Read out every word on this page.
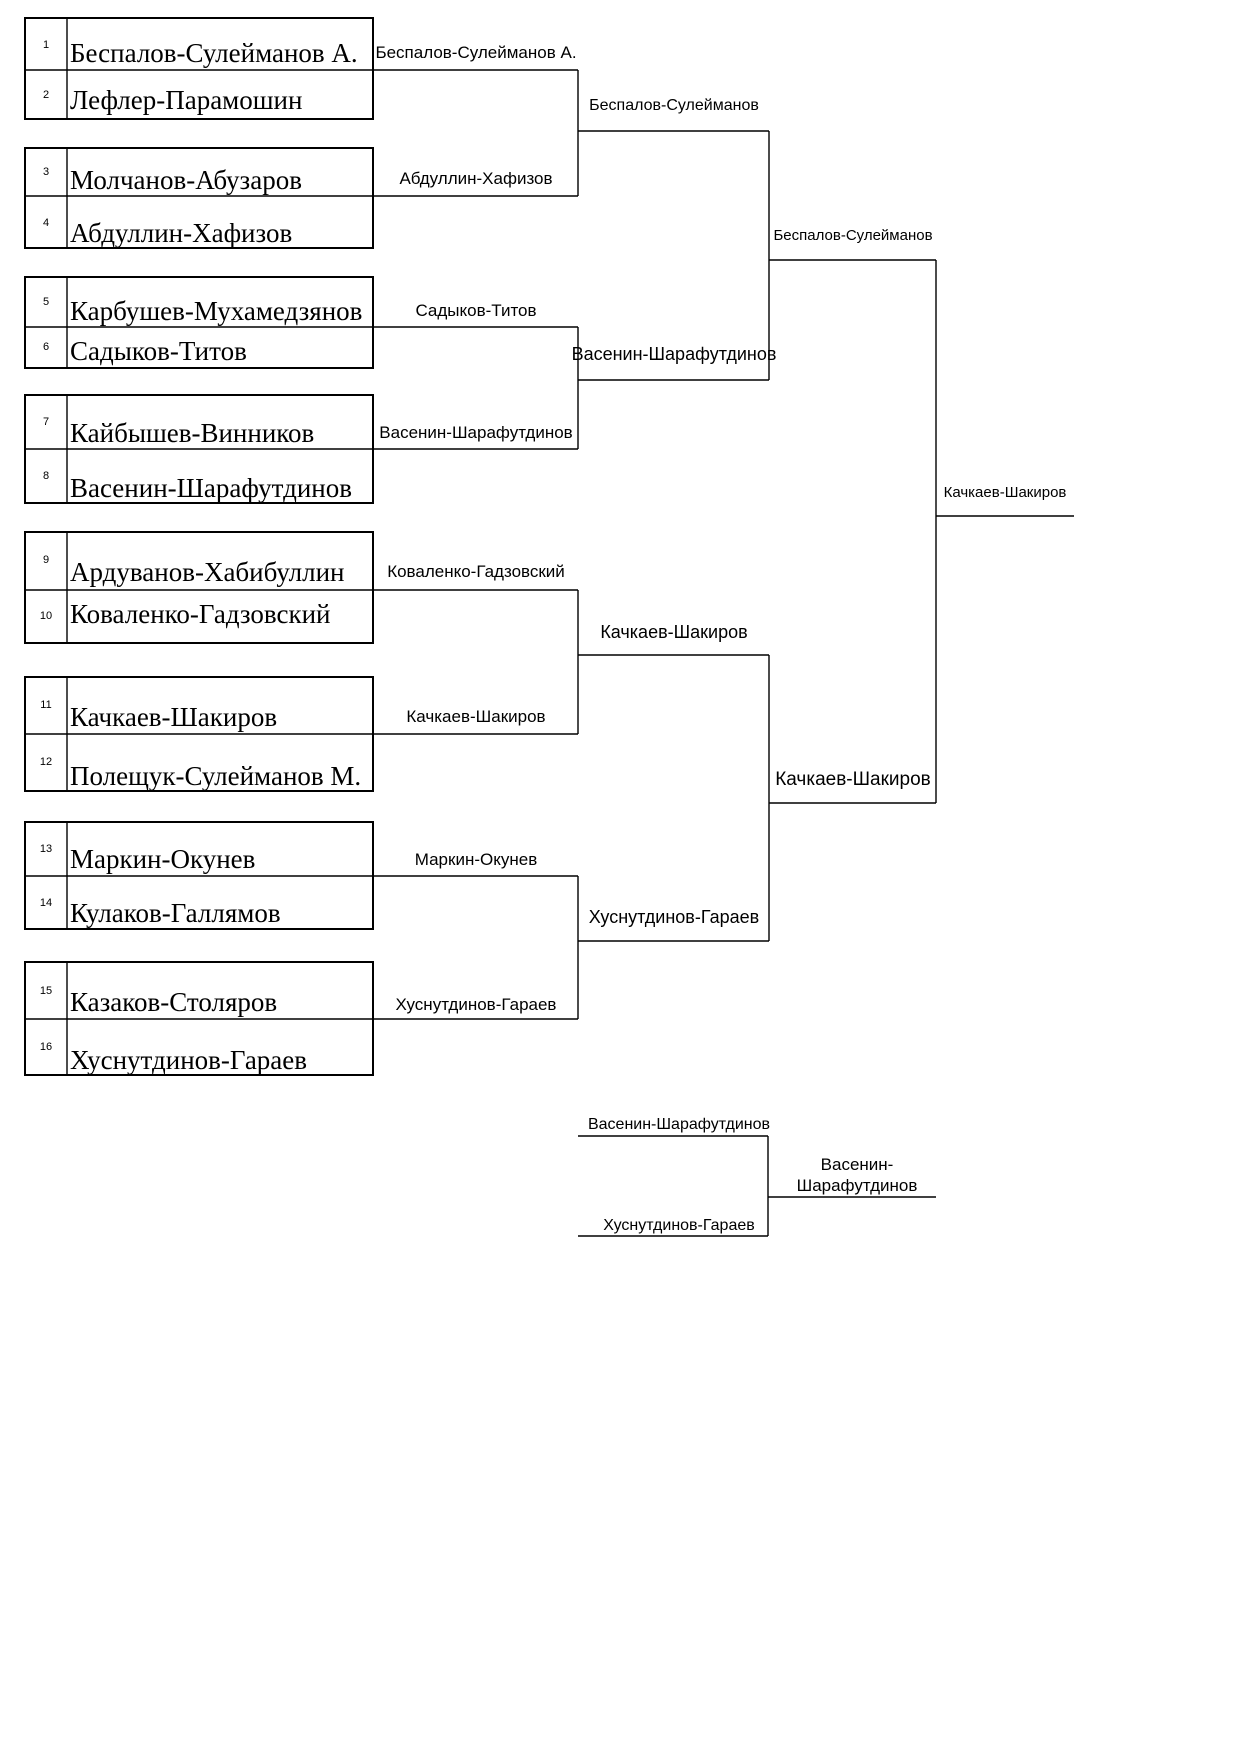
1 Беспалов-Сулейманов А.
2 Лефлер-Парамошин
3 Молчанов-Абузаров
4 Абдуллин-Хафизов
5 Карбушев-Мухамедзянов
6 Садыков-Титов
7 Кайбышев-Винников
8 Васенин-Шарафутдинов
9 Ардуванов-Хабибуллин
10 Коваленко-Гадзовский
11 Качкаев-Шакиров
12 Полещук-Сулейманов М.
13 Маркин-Окунев
14 Кулаков-Галлямов
15 Казаков-Столяров
16 Хуснутдинов-Гараев
Беспалов-Сулейманов А.
Абдуллин-Хафизов
Садыков-Титов
Васенин-Шарафутдинов
Коваленко-Гадзовский
Качкаев-Шакиров
Маркин-Окунев
Хуснутдинов-Гараев
Беспалов-Сулейманов
Васенин-Шарафутдинов
Качкаев-Шакиров
Хуснутдинов-Гараев
Беспалов-Сулейманов
Качкаев-Шакиров
Качкаев-Шакиров
Васенин-Шарафутдинов
Хуснутдинов-Гараев
Васенин-
Шарафутдинов
